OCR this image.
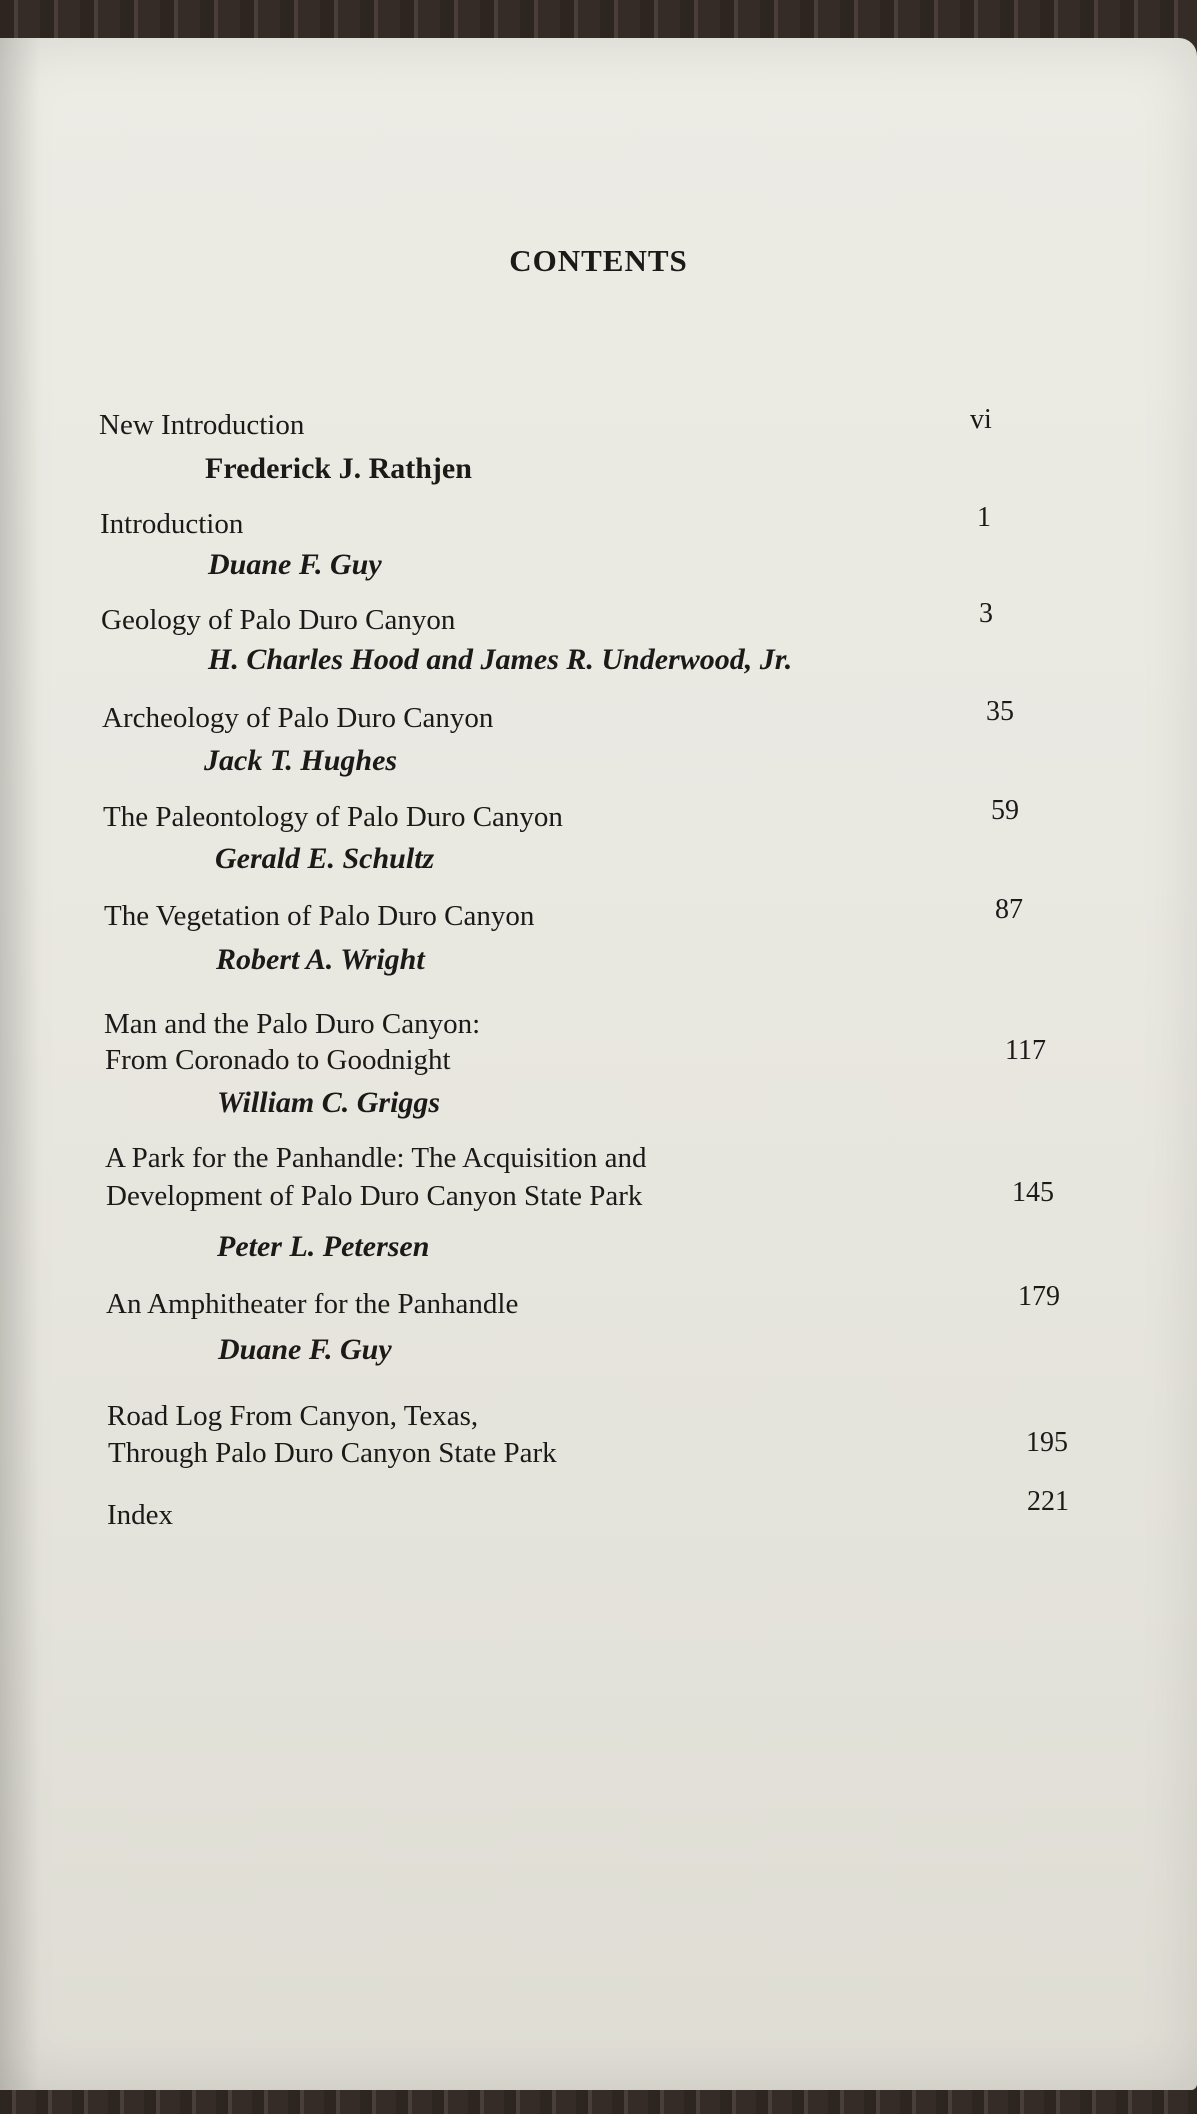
CONTENTS
New Introduction
Frederick J. Rathjen
vi
Introduction
Duane F. Guy
1
Geology of Palo Duro Canyon
H. Charles Hood and James R. Underwood, Jr.
3
Archeology of Palo Duro Canyon
Jack T. Hughes
35
The Paleontology of Palo Duro Canyon
Gerald E. Schultz
59
The Vegetation of Palo Duro Canyon
Robert A. Wright
87
Man and the Palo Duro Canyon:
From Coronado to Goodnight
William C. Griggs
117
A Park for the Panhandle: The Acquisition and
Development of Palo Duro Canyon State Park
Peter L. Petersen
145
An Amphitheater for the Panhandle
Duane F. Guy
179
Road Log From Canyon, Texas,
Through Palo Duro Canyon State Park	195
Index	221
